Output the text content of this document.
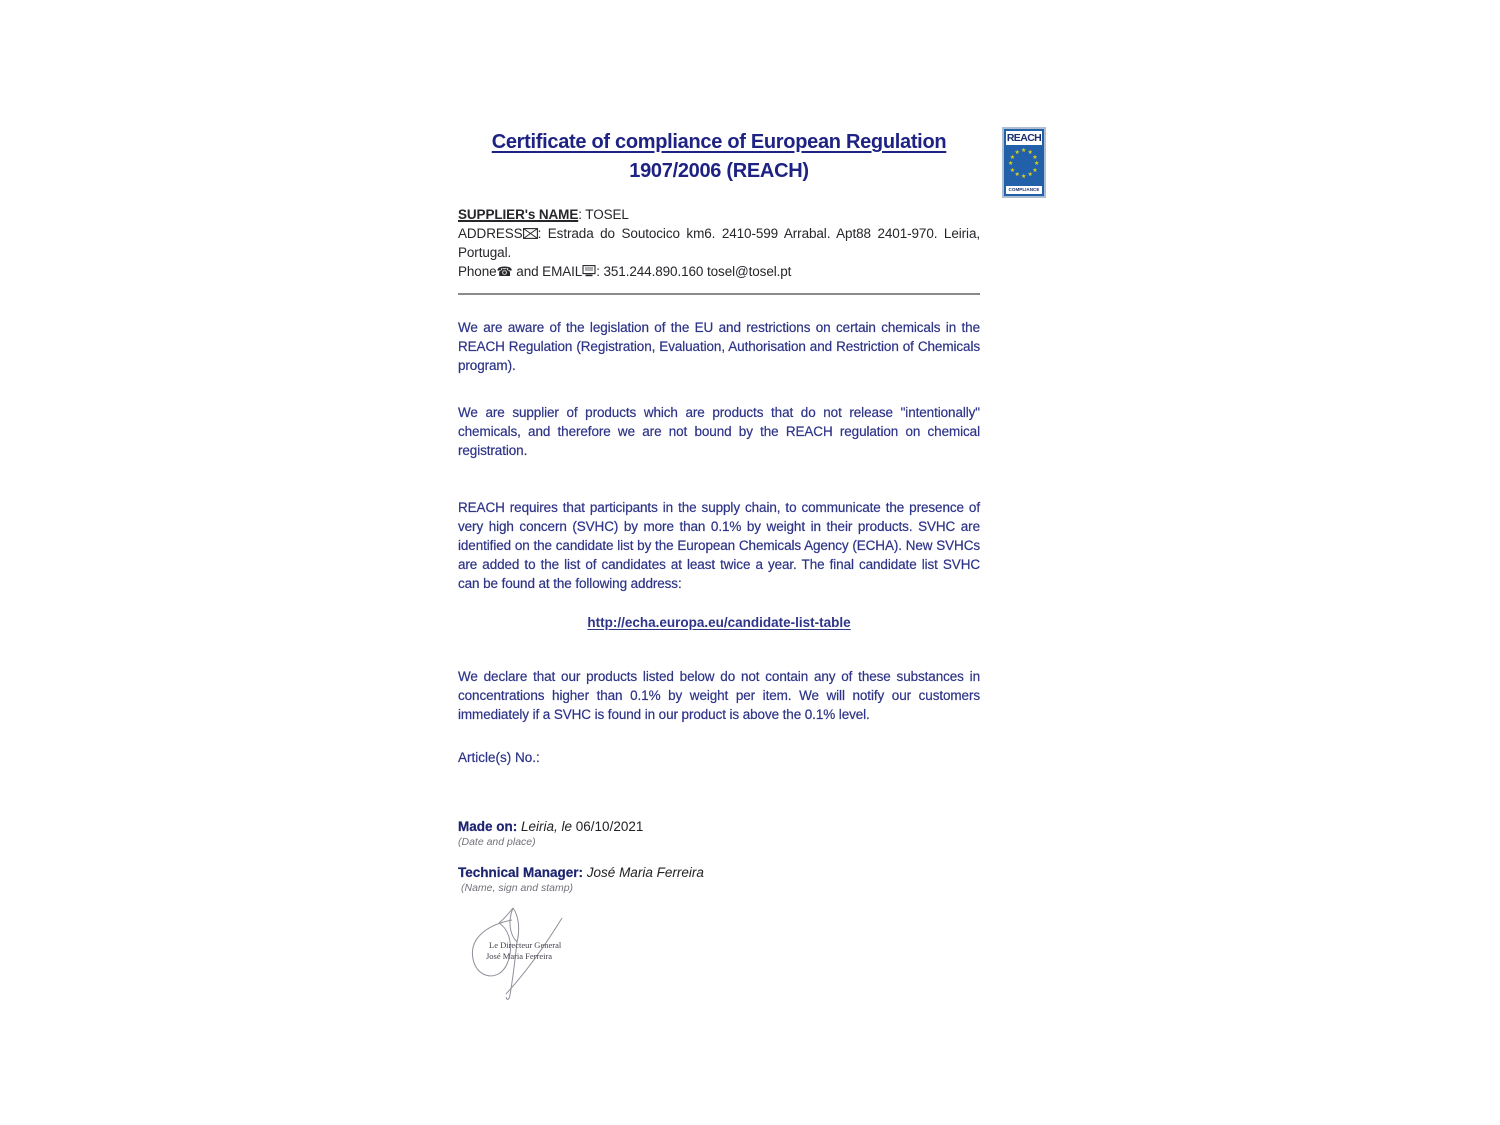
Certificate of compliance of European Regulation
1907/2006 (REACH)
REACH
★ ★
★
★
★
★
★
★
★
★
★
★
COMPLIANCE
SUPPLIER's NAME: TOSEL
ADDRESS : Estrada do Soutocico km6. 2410-599 Arrabal. Apt88 2401-970. Leiria, Portugal.
Phone☎ and EMAIL : 351.244.890.160 tosel@tosel.pt
We are aware of the legislation of the EU and restrictions on certain chemicals in the REACH Regulation (Registration, Evaluation, Authorisation and Restriction of Chemicals program).
We are supplier of products which are products that do not release "intentionally" chemicals, and therefore we are not bound by the REACH regulation on chemical registration.
REACH requires that participants in the supply chain, to communicate the presence of very high concern (SVHC) by more than 0.1% by weight in their products. SVHC are identified on the candidate list by the European Chemicals Agency (ECHA). New SVHCs are added to the list of candidates at least twice a year. The final candidate list SVHC can be found at the following address:
http://echa.europa.eu/candidate-list-table
We declare that our products listed below do not contain any of these substances in concentrations higher than 0.1% by weight per item. We will notify our customers immediately if a SVHC is found in our product is above the 0.1% level.
Article(s) No.:
Made on: Leiria, le 06/10/2021
(Date and place)
Technical Manager: José Maria Ferreira
(Name, sign and stamp)
Le Directeur General
José Maria Ferreira
